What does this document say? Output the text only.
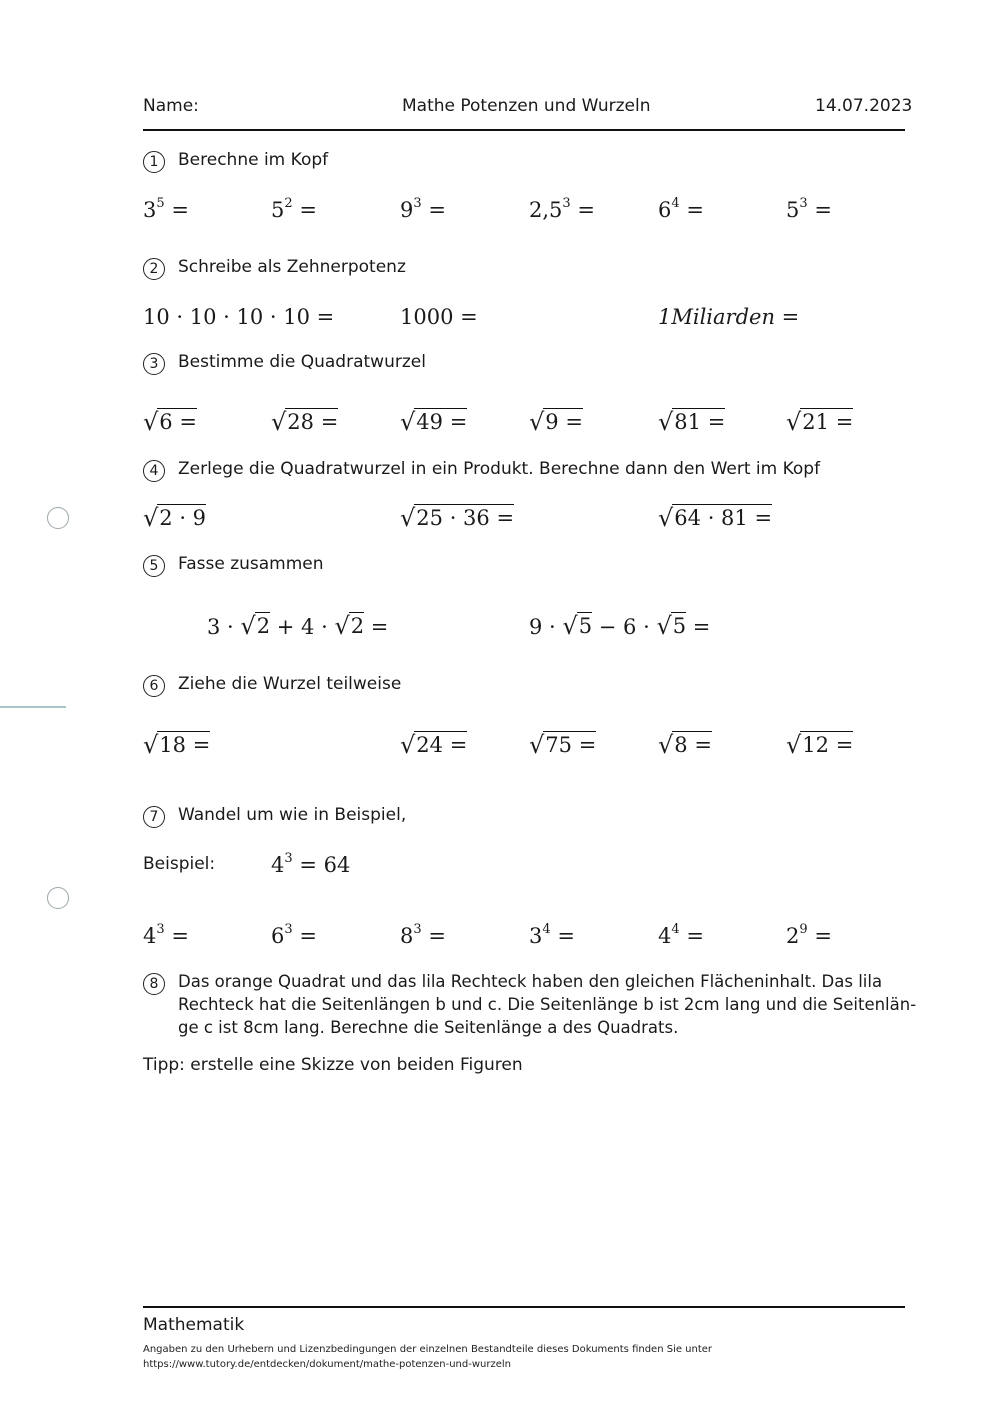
Name:	Mathe Potenzen und Wurzeln	14.07.2023
1	Berechne im Kopf
$3^5$ =	$5^2$ =	$9^3$ =	$2,5^3$ =	$6^4$ =	$5^3$ =
2	Schreibe als Zehnerpotenz
10 · 10 · 10 · 10 =	1000 =	1Miliarden =
3	Bestimme die Quadratwurzel
√ 6 =	√ 28 =	√ 49 =	√ 9 =	√ 81 =	√ 21 =
4	Zerlege die Quadratwurzel in ein Produkt. Berechne dann den Wert im Kopf
√ 2 · 9	√ 25 · 36 =	√ 64 · 81 =
5	Fasse zusammen
3 · √ 2 + 4 · √ 2 =	9 · √ 5 − 6 · √ 5 =
6	Ziehe die Wurzel teilweise
√ 18 =	√ 24 =	√ 75 =	√ 8 =	√ 12 =
7	Wandel um wie in Beispiel,
Beispiel:	$4^3 = 64$
$4^3$ =	$6^3$ =	$8^3$ =	$3^4$ =	$4^4$ =	$2^9$ =
8	Das orange Quadrat und das lila Rechteck haben den gleichen Flächeninhalt. Das lila
Rechteck hat die Seitenlängen b und c. Die Seitenlänge b ist 2cm lang und die Seitenlän-
ge c ist 8cm lang. Berechne die Seitenlänge a des Quadrats.
Tipp: erstelle eine Skizze von beiden Figuren
Mathematik
Angaben zu den Urhebern und Lizenzbedingungen der einzelnen Bestandteile dieses Dokuments finden Sie unter
https://www.tutory.de/entdecken/dokument/mathe-potenzen-und-wurzeln
